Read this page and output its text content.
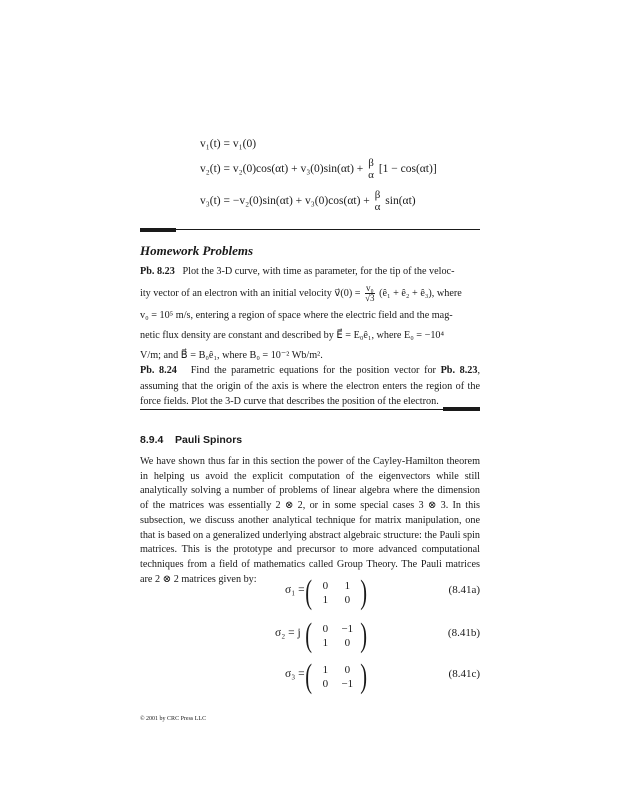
v₁(t) = v₁(0)
v₂(t) = v₂(0)cos(αt) + v₃(0)sin(αt) +
β
α [1 − cos(αt)]
v₃(t) = −v₂(0)sin(αt) + v₃(0)cos(αt) +
β
α sin(αt)
Homework Problems
Pb. 8.23 Plot the 3-D curve, with time as parameter, for the tip of the veloc-
ity vector of an electron with an initial velocity v⃗(0) = $\frac{\text{v₀}}{√3}$ (ê₁ + ê₂ + ê₃), where
v₀ = 10⁵ m/s, entering a region of space where the electric field and the mag-
netic flux density are constant and described by E⃗ = E₀ê₁, where E₀ = −10⁴
V/m; and B⃗ = B₀ê₁, where B₀ = 10⁻² Wb/m².
Pb. 8.24 Find the parametric equations for the position vector for Pb. 8.23, assuming that the origin of the axis is where the electron enters the region of the force fields. Plot the 3-D curve that describes the position of the electron.
8.9.4 Pauli Spinors
We have shown thus far in this section the power of the Cayley-Hamilton theorem in helping us avoid the explicit computation of the eigenvectors while still analytically solving a number of problems of linear algebra where the dimension of the matrices was essentially 2 ⊗ 2, or in some special cases 3 ⊗ 3. In this subsection, we discuss another analytical technique for matrix manipulation, one that is based on a generalized underlying abstract algebraic structure: the Pauli spin matrices. This is the prototype and precursor to more advanced computational techniques from a field of mathematics called Group Theory. The Pauli matrices are 2 ⊗ 2 matrices given by:
σ₁ = ( 0	1
1	0 )	(8.41a)
σ₂ = j ( 0	−1
1	0 )	(8.41b)
σ₃ = ( 1	0
0	−1 )	(8.41c)
© 2001 by CRC Press LLC
